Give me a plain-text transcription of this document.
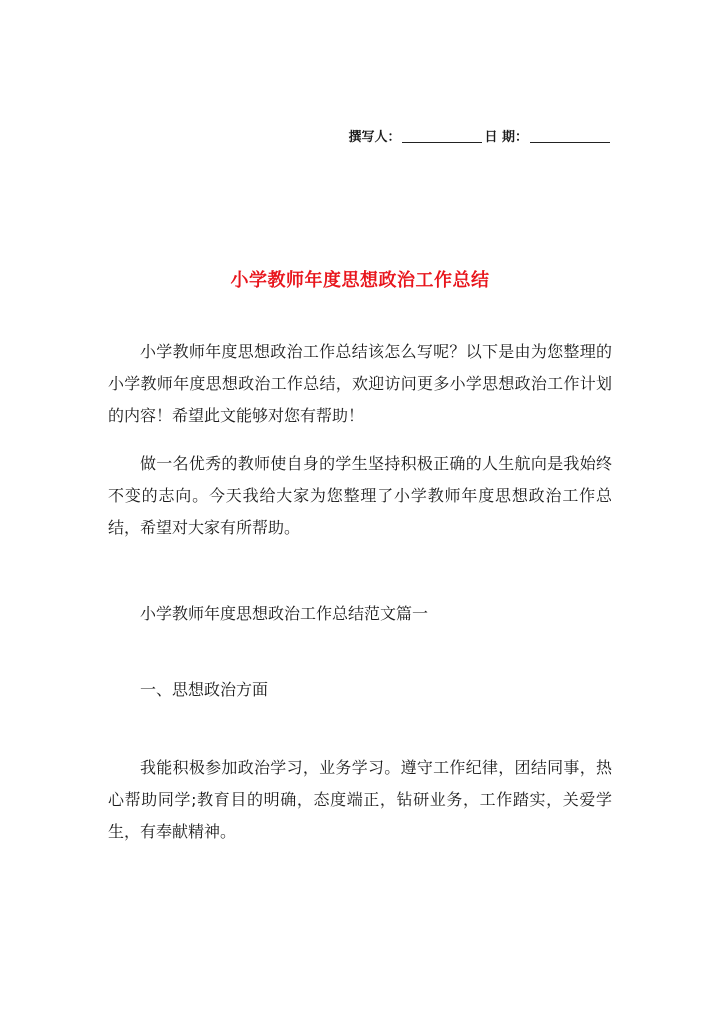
撰写人：	日 期：
小学教师年度思想政治工作总结

小学教师年度思想政治工作总结该怎么写呢？以下是由为您整理的小学教师年度思想政治工作总结，欢迎访问更多小学思想政治工作计划的内容！希望此文能够对您有帮助！

做一名优秀的教师使自身的学生坚持积极正确的人生航向是我始终不变的志向。今天我给大家为您整理了小学教师年度思想政治工作总结，希望对大家有所帮助。

小学教师年度思想政治工作总结范文篇一

一、思想政治方面

我能积极参加政治学习，业务学习。遵守工作纪律，团结同事，热心帮助同学;教育目的明确，态度端正，钻研业务，工作踏实，关爱学生，有奉献精神。
